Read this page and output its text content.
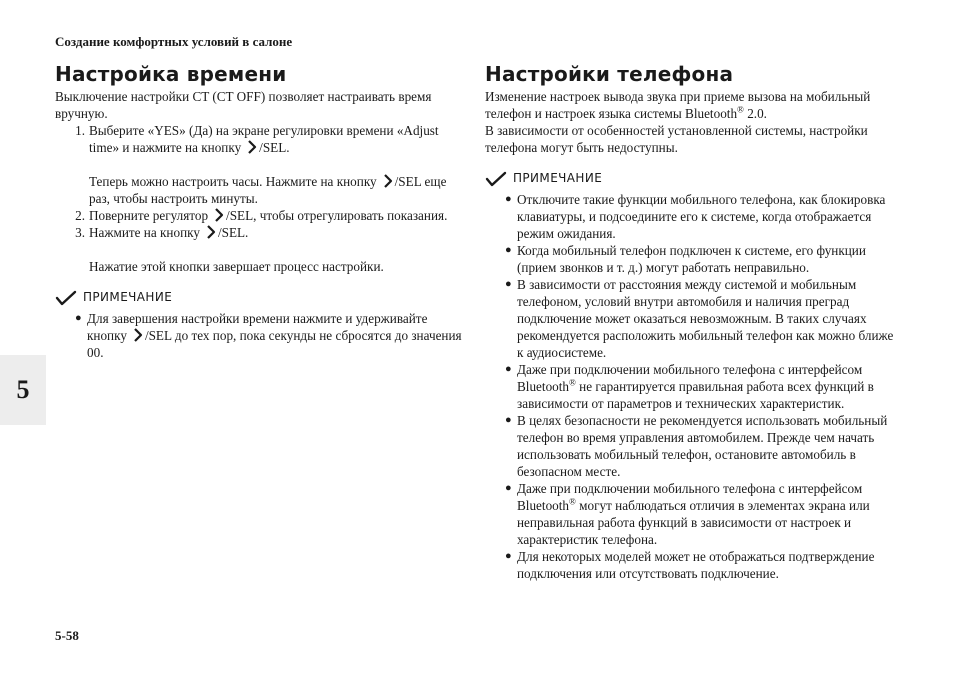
Создание комфортных условий в салоне
5
5-58
Настройка времени

Выключение настройки CT (CT OFF) позволяет настраивать время вручную.

1. Выберите «YES» (Да) на экране регулировки времени «Adjust time» и нажмите на кнопку /SEL.
Теперь можно настроить часы. Нажмите на кнопку /SEL еще раз, чтобы настроить минуты.
2. Поверните регулятор /SEL, чтобы отрегулировать показания.
3. Нажмите на кнопку /SEL.
Нажатие этой кнопки завершает процесс настройки.
ПРИМЕЧАНИЕ
● Для завершения настройки времени нажмите и удерживайте кнопку /SEL до тех пор, пока секунды не сбросятся до значения 00.
Настройки телефона

Изменение настроек вывода звука при приеме вызова на мобильный телефон и настроек языка системы Bluetooth® 2.0.

В зависимости от особенностей установленной системы, настройки телефона могут быть недоступны.

ПРИМЕЧАНИЕ
● Отключите такие функции мобильного телефона, как блокировка клавиатуры, и подсоедините его к системе, когда отображается режим ожидания.
● Когда мобильный телефон подключен к системе, его функции (прием звонков и т. д.) могут работать неправильно.
● В зависимости от расстояния между системой и мобильным телефоном, условий внутри автомобиля и наличия преград подключение может оказаться невозможным. В таких случаях рекомендуется расположить мобильный телефон как можно ближе к аудиосистеме.
● Даже при подключении мобильного телефона с интерфейсом Bluetooth® не гарантируется правильная работа всех функций в зависимости от параметров и технических характеристик.
● В целях безопасности не рекомендуется использовать мобильный телефон во время управления автомобилем. Прежде чем начать использовать мобильный телефон, остановите автомобиль в безопасном месте.
● Даже при подключении мобильного телефона с интерфейсом Bluetooth® могут наблюдаться отличия в элементах экрана или неправильная работа функций в зависимости от настроек и характеристик телефона.
● Для некоторых моделей может не отображаться подтверждение подключения или отсутствовать подключение.
